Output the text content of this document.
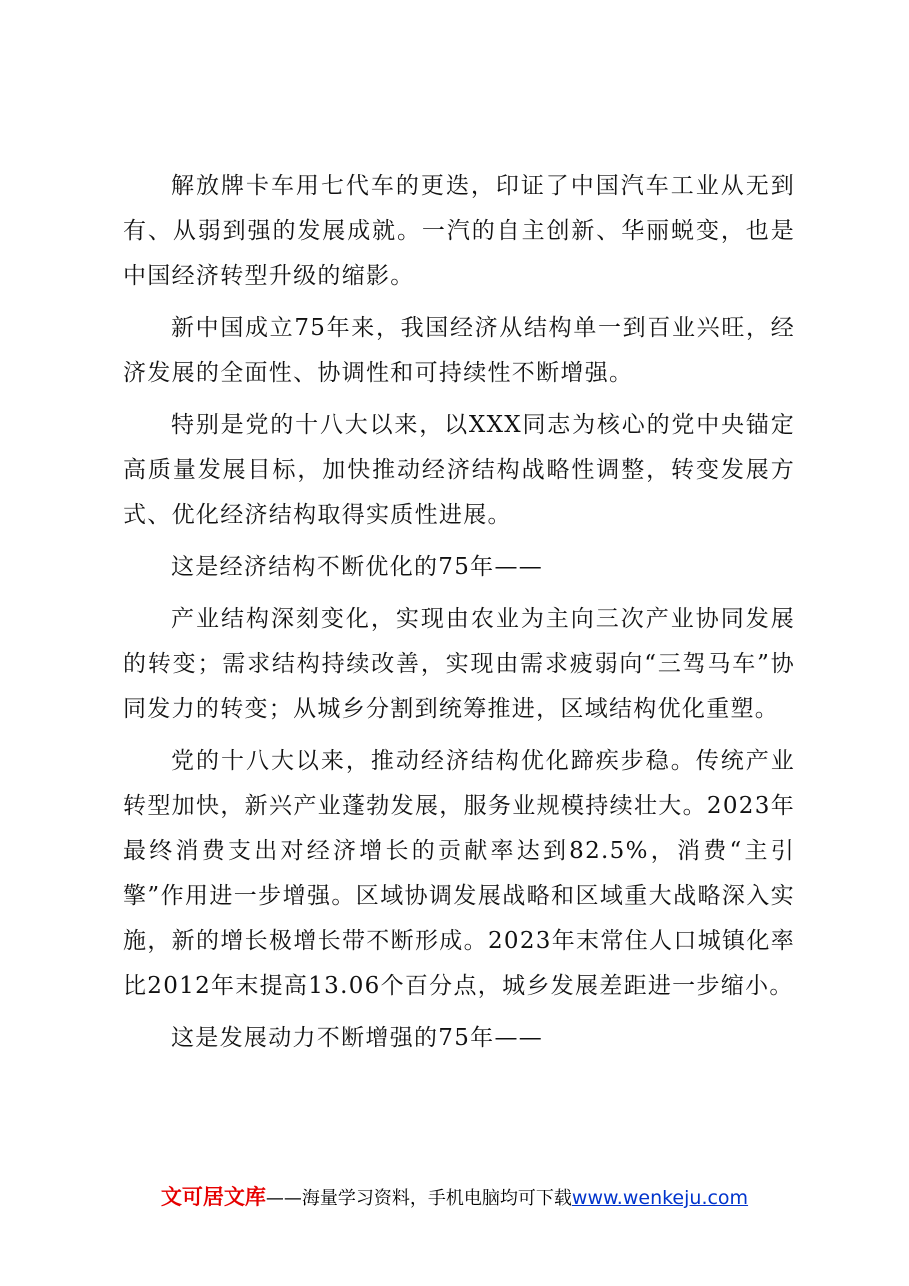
解放牌卡车用七代车的更迭，印证了中国汽车工业从无到有、从弱到强的发展成就。一汽的自主创新、华丽蜕变，也是中国经济转型升级的缩影。

新中国成立75年来，我国经济从结构单一到百业兴旺，经济发展的全面性、协调性和可持续性不断增强。

特别是党的十八大以来，以XXX同志为核心的党中央锚定高质量发展目标，加快推动经济结构战略性调整，转变发展方式、优化经济结构取得实质性进展。

这是经济结构不断优化的75年——

产业结构深刻变化，实现由农业为主向三次产业协同发展的转变；需求结构持续改善，实现由需求疲弱向“三驾马车”协同发力的转变；从城乡分割到统筹推进，区域结构优化重塑。

党的十八大以来，推动经济结构优化蹄疾步稳。传统产业转型加快，新兴产业蓬勃发展，服务业规模持续壮大。2023年最终消费支出对经济增长的贡献率达到82.5%，消费“主引擎”作用进一步增强。区域协调发展战略和区域重大战略深入实施，新的增长极增长带不断形成。2023年末常住人口城镇化率比2012年末提高13.06个百分点，城乡发展差距进一步缩小。

这是发展动力不断增强的75年——

文可居文库——海量学习资料，手机电脑均可下载www.wenkeju.com
